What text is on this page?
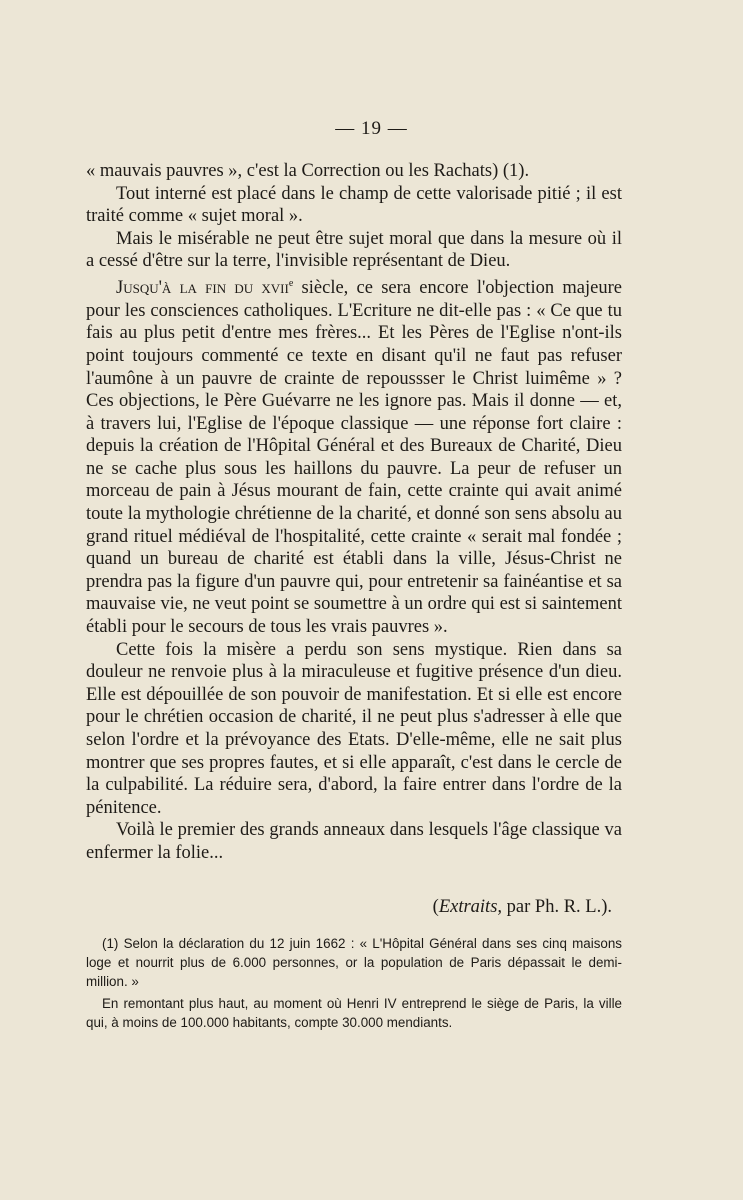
— 19 —

« mauvais pauvres », c'est la Correction ou les Rachats) (1).

Tout interné est placé dans le champ de cette valorisade pitié ; il est traité comme « sujet moral ».

Mais le misérable ne peut être sujet moral que dans la mesure où il a cessé d'être sur la terre, l'invisible représentant de Dieu.

Jusqu'à la fin du xvii$^e$ siècle, ce sera encore l'objection majeure pour les consciences catholiques. L'Ecriture ne dit-elle pas : « Ce que tu fais au plus petit d'entre mes frères... Et les Pères de l'Eglise n'ont-ils point toujours commenté ce texte en disant qu'il ne faut pas refuser l'aumône à un pauvre de crainte de repoussser le Christ luimême » ? Ces objections, le Père Guévarre ne les ignore pas. Mais il donne — et, à travers lui, l'Eglise de l'époque classique — une réponse fort claire : depuis la création de l'Hôpital Général et des Bureaux de Charité, Dieu ne se cache plus sous les haillons du pauvre. La peur de refuser un morceau de pain à Jésus mourant de fain, cette crainte qui avait animé toute la mythologie chrétienne de la charité, et donné son sens absolu au grand rituel médiéval de l'hospitalité, cette crainte « serait mal fondée ; quand un bureau de charité est établi dans la ville, Jésus-Christ ne prendra pas la figure d'un pauvre qui, pour entretenir sa fainéantise et sa mauvaise vie, ne veut point se soumettre à un ordre qui est si saintement établi pour le secours de tous les vrais pauvres ».

Cette fois la misère a perdu son sens mystique. Rien dans sa douleur ne renvoie plus à la miraculeuse et fugitive présence d'un dieu. Elle est dépouillée de son pouvoir de manifestation. Et si elle est encore pour le chrétien occasion de charité, il ne peut plus s'adresser à elle que selon l'ordre et la prévoyance des Etats. D'elle-même, elle ne sait plus montrer que ses propres fautes, et si elle apparaît, c'est dans le cercle de la culpabilité. La réduire sera, d'abord, la faire entrer dans l'ordre de la pénitence.

Voilà le premier des grands anneaux dans lesquels l'âge classique va enfermer la folie...

(Extraits, par Ph. R. L.).

(1) Selon la déclaration du 12 juin 1662 : « L'Hôpital Général dans ses cinq maisons loge et nourrit plus de 6.000 personnes, or la population de Paris dépassait le demi-million. »

En remontant plus haut, au moment où Henri IV entreprend le siège de Paris, la ville qui, à moins de 100.000 habitants, compte 30.000 mendiants.
